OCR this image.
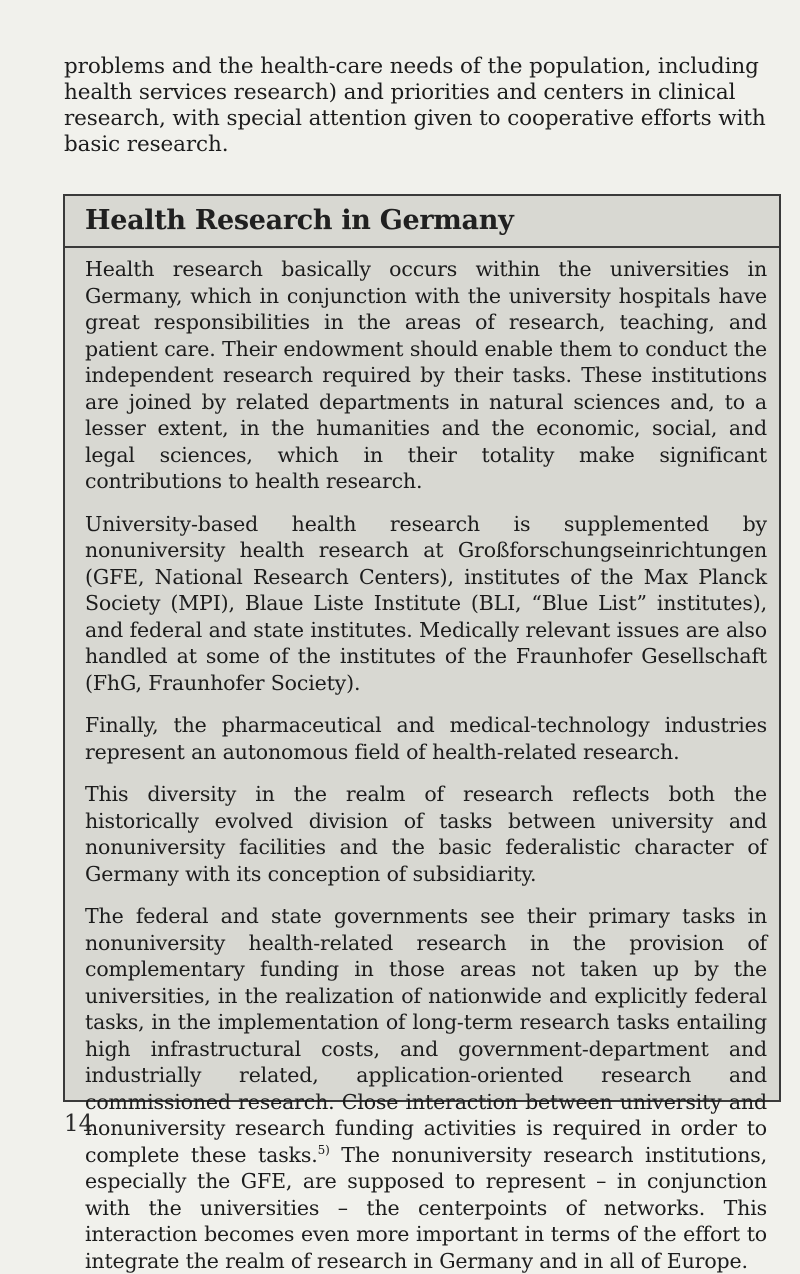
problems and the health-care needs of the population, including health services research) and priorities and centers in clinical research, with special attention given to cooperative efforts with basic research.

Health Research in Germany

Health research basically occurs within the universities in Germany, which in conjunction with the university hospitals have great responsibilities in the areas of research, teaching, and patient care. Their endowment should enable them to conduct the independent research required by their tasks. These institutions are joined by related departments in natural sciences and, to a lesser extent, in the humanities and the economic, social, and legal sciences, which in their totality make significant contributions to health research.

University-based health research is supplemented by nonuniversity health research at Großforschungseinrichtungen (GFE, National Research Centers), institutes of the Max Planck Society (MPI), Blaue Liste Institute (BLI, “Blue List” institutes), and federal and state institutes. Medically relevant issues are also handled at some of the institutes of the Fraunhofer Gesellschaft (FhG, Fraunhofer Society).

Finally, the pharmaceutical and medical-technology industries represent an autonomous field of health-related research.

This diversity in the realm of research reflects both the historically evolved division of tasks between university and nonuniversity facilities and the basic federalistic character of Germany with its conception of subsidiarity.

The federal and state governments see their primary tasks in nonuniversity health-related research in the provision of complementary funding in those areas not taken up by the universities, in the realization of nationwide and explicitly federal tasks, in the implementation of long-term research tasks entailing high infrastructural costs, and government-department and industrially related, application-oriented research and commissioned research. Close interaction between university and nonuniversity research funding activities is required in order to complete these tasks.$^{5)}$ The nonuniversity research institutions, especially the GFE, are supposed to represent – in conjunction with the universities – the centerpoints of networks. This interaction becomes even more important in terms of the effort to integrate the realm of research in Germany and in all of Europe.

14
